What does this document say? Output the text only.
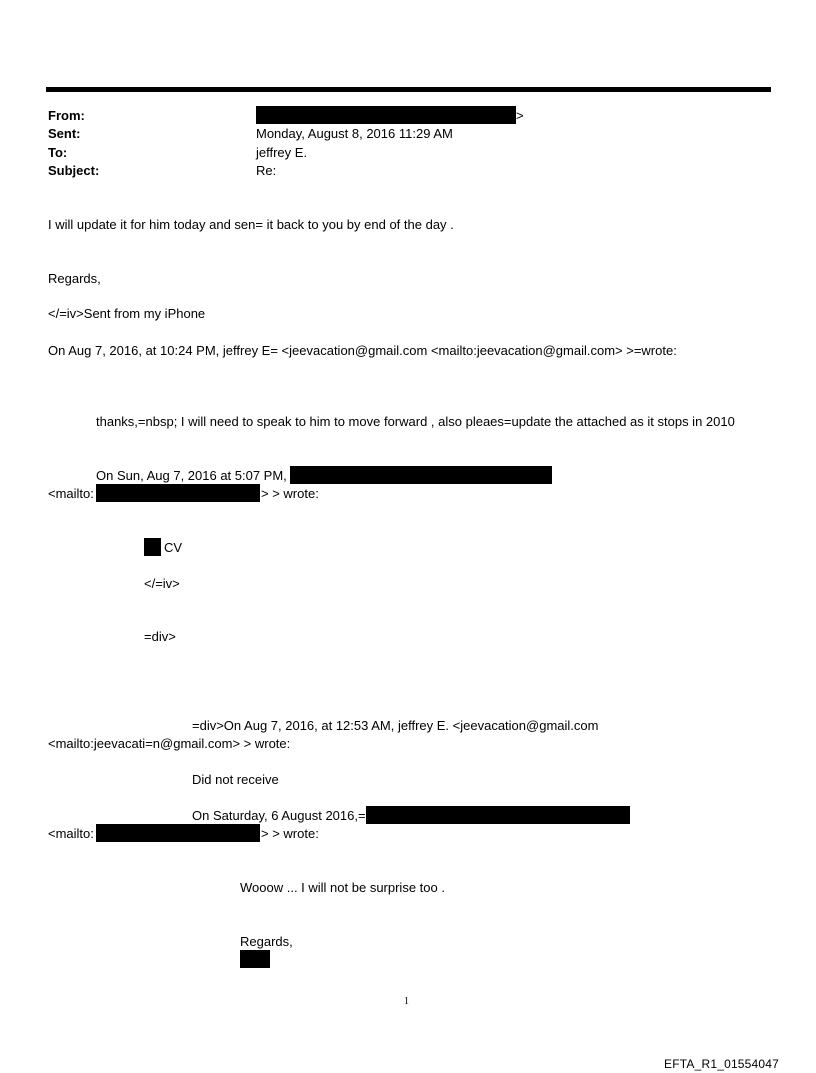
From:	>
Sent:	Monday, August 8, 2016 11:29 AM
To:	jeffrey E.
Subject:	Re:
I will update it for him today and sen= it back to you by end of the day .
Regards,
</=iv>Sent from my iPhone
On Aug 7, 2016, at 10:24 PM, jeffrey E= <jeevacation@gmail.com <mailto:jeevacation@gmail.com> >=wrote:
thanks,=nbsp; I will need to speak to him to move forward , also pleaes=update the attached as it stops in 2010
On Sun, Aug 7, 2016 at 5:07 PM,
<mailto:	> > wrote:
CV
</=iv>
=div>
=div>On Aug 7, 2016, at 12:53 AM, jeffrey E. <jeevacation@gmail.com
<mailto:jeevacati=n@gmail.com> > wrote:
Did not receive
On Saturday, 6 August 2016,=
<mailto:	> > wrote:
Wooow ... I will not be surprise too .
Regards,
1
EFTA_R1_01554047
